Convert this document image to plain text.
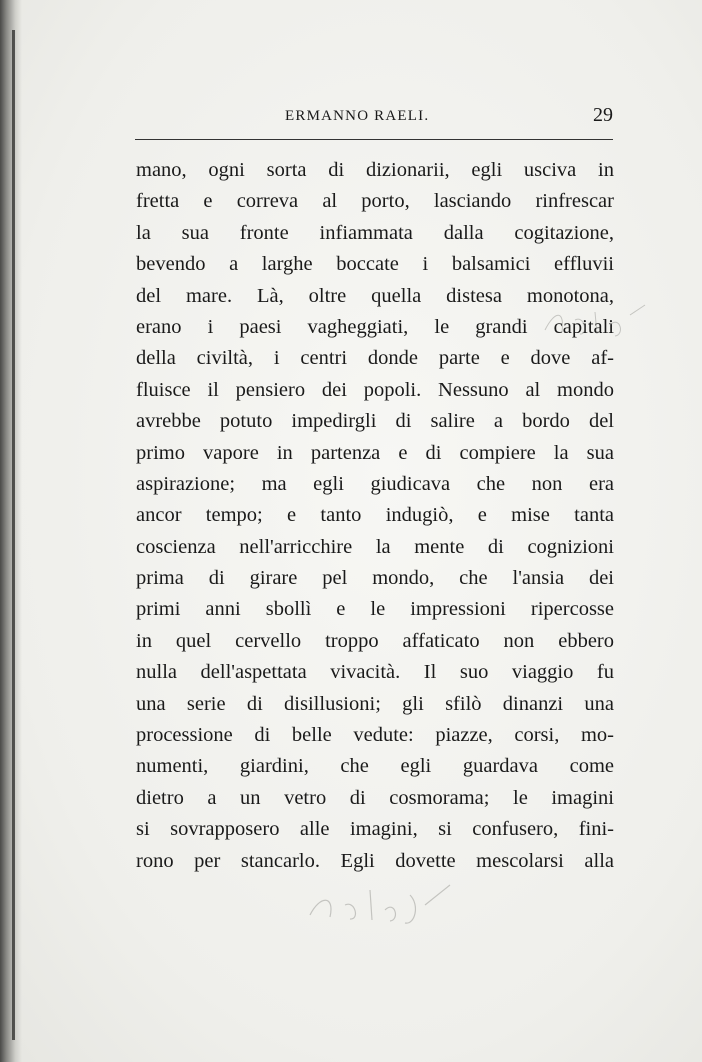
ERMANNO RAELI.	29
mano, ogni sorta di dizionarii, egli usciva in
fretta e correva al porto, lasciando rinfrescar
la sua fronte infiammata dalla cogitazione,
bevendo a larghe boccate i balsamici effluvii
del mare. Là, oltre quella distesa monotona,
erano i paesi vagheggiati, le grandi capitali
della civiltà, i centri donde parte e dove af-
fluisce il pensiero dei popoli. Nessuno al mondo
avrebbe potuto impedirgli di salire a bordo del
primo vapore in partenza e di compiere la sua
aspirazione; ma egli giudicava che non era
ancor tempo; e tanto indugiò, e mise tanta
coscienza nell'arricchire la mente di cognizioni
prima di girare pel mondo, che l'ansia dei
primi anni sbollì e le impressioni ripercosse
in quel cervello troppo affaticato non ebbero
nulla dell'aspettata vivacità. Il suo viaggio fu
una serie di disillusioni; gli sfilò dinanzi una
processione di belle vedute: piazze, corsi, mo-
numenti, giardini, che egli guardava come
dietro a un vetro di cosmorama; le imagini
si sovrapposero alle imagini, si confusero, fini-
rono per stancarlo. Egli dovette mescolarsi alla
